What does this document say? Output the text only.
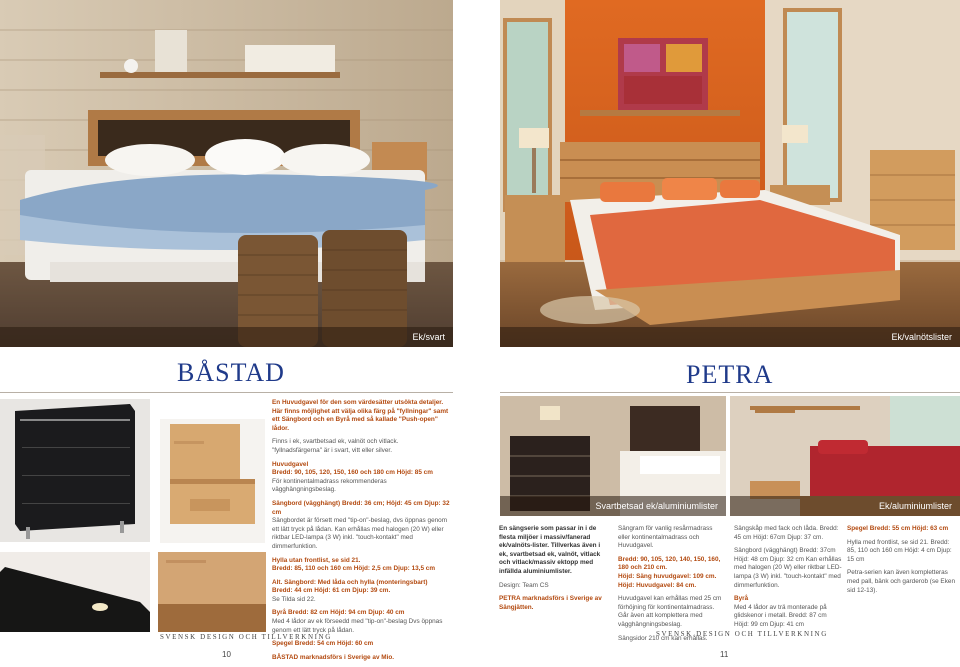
Ek/svart
BÅSTAD

En Huvudgavel för den som värdesätter utsökta detaljer. Här finns möjlighet att välja olika färg på "fyllningar" samt ett Sängbord och en Byrå med så kallade "Push-open" lådor.

Finns i ek, svartbetsad ek, valnöt och vitlack. "fyllnadsfärgerna" är i svart, vitt eller silver.

Huvudgavel
Bredd: 90, 105, 120, 150, 160 och 180 cm Höjd: 85 cm

För kontinentalmadrass rekommenderas vägghängningsbeslag.

Sängbord (vägghängt) Bredd: 36 cm; Höjd: 45 cm Djup: 32 cm

Sängbordet är försett med "tip-on"-beslag, dvs öppnas genom ett lätt tryck på lådan. Kan erhållas med halogen (20 W) eller riktbar LED-lampa (3 W) inkl. "touch-kontakt" med dimmerfunktion.

Hylla utan frontlist, se sid 21.

Bredd: 85, 110 och 160 cm Höjd: 2,5 cm Djup: 13,5 cm

Alt. Sängbord: Med låda och hylla (monteringsbart)
Bredd: 44 cm Höjd: 61 cm Djup: 39 cm.

Se Tilda sid 22.

Byrå Bredd: 82 cm Höjd: 94 cm Djup: 40 cm

Med 4 lådor av ek förseedd med "tip-on"-beslag Dvs öppnas genom ett lätt tryck på lådan.

Spegel Bredd: 54 cm Höjd: 60 cm

BÅSTAD marknadsförs i Sverige av Mio.

SVENSK DESIGN OCH TILLVERKNING
10
Ek/valnötslister
PETRA
Svartbetsad ek/aluminiumlister	Ek/aluminiumlister

En sängserie som passar in i de flesta miljöer i massiv/fanerad ek/valnöts-lister. Tillverkas även i ek, svartbetsad ek, valnöt, vitlack och vitlack/massiv ektopp med infällda aluminiumlister.

Design: Team CS

PETRA marknadsförs i Sverige av Sängjätten.

Sängram för vanlig resårmadrass eller kontinentalmadrass och Huvudgavel.

Bredd: 90, 105, 120, 140, 150, 160, 180 och 210 cm.
Höjd: Säng huvudgavel: 109 cm.

Höjd: Huvudgavel: 84 cm.

Huvudgavel kan erhållas med 25 cm förhöjning för kontinentalmadrass. Går även att komplettera med vägghängningsbeslag.

Sängsidor 210 cm kan erhållas.

Sängskåp med fack och låda. Bredd: 45 cm Höjd: 67cm Djup: 37 cm.

Sängbord (vägghängt) Bredd: 37cm Höjd: 48 cm Djup: 32 cm Kan erhållas med halogen (20 W) eller riktbar LED-lampa (3 W) inkl. "touch-kontakt" med dimmerfunktion.

Byrå

Med 4 lådor av trä monterade på glidskenor i metall. Bredd: 87 cm Höjd: 99 cm Djup: 41 cm

Spegel Bredd: 55 cm Höjd: 63 cm

Hylla med frontlist, se sid 21. Bredd: 85, 110 och 160 cm Höjd: 4 cm Djup: 15 cm

Petra-serien kan även kompletteras med pall, bänk och garderob (se Eken sid 12-13).

SVENSK DESIGN OCH TILLVERKNING
11
